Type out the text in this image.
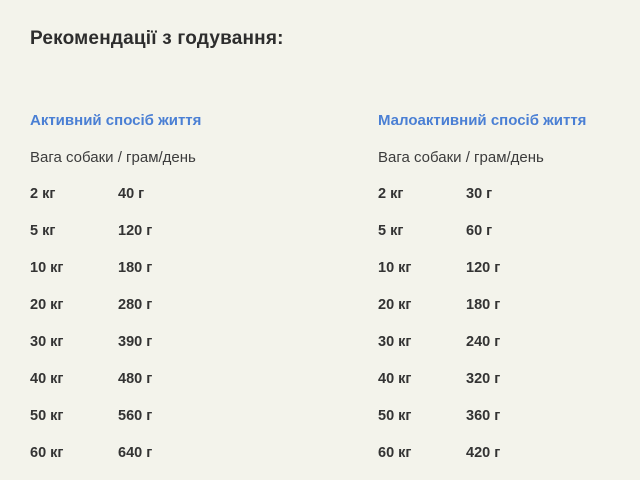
Рекомендації з годування:
Активний спосіб життя
Вага собаки / грам/день
2 кг	40 г
5 кг	120 г
10 кг	180 г
20 кг	280 г
30 кг	390 г
40 кг	480 г
50 кг	560 г
60 кг	640 г
Малоактивний спосіб життя
Вага собаки / грам/день
2 кг	30 г
5 кг	60 г
10 кг	120 г
20 кг	180 г
30 кг	240 г
40 кг	320 г
50 кг	360 г
60 кг	420 г
